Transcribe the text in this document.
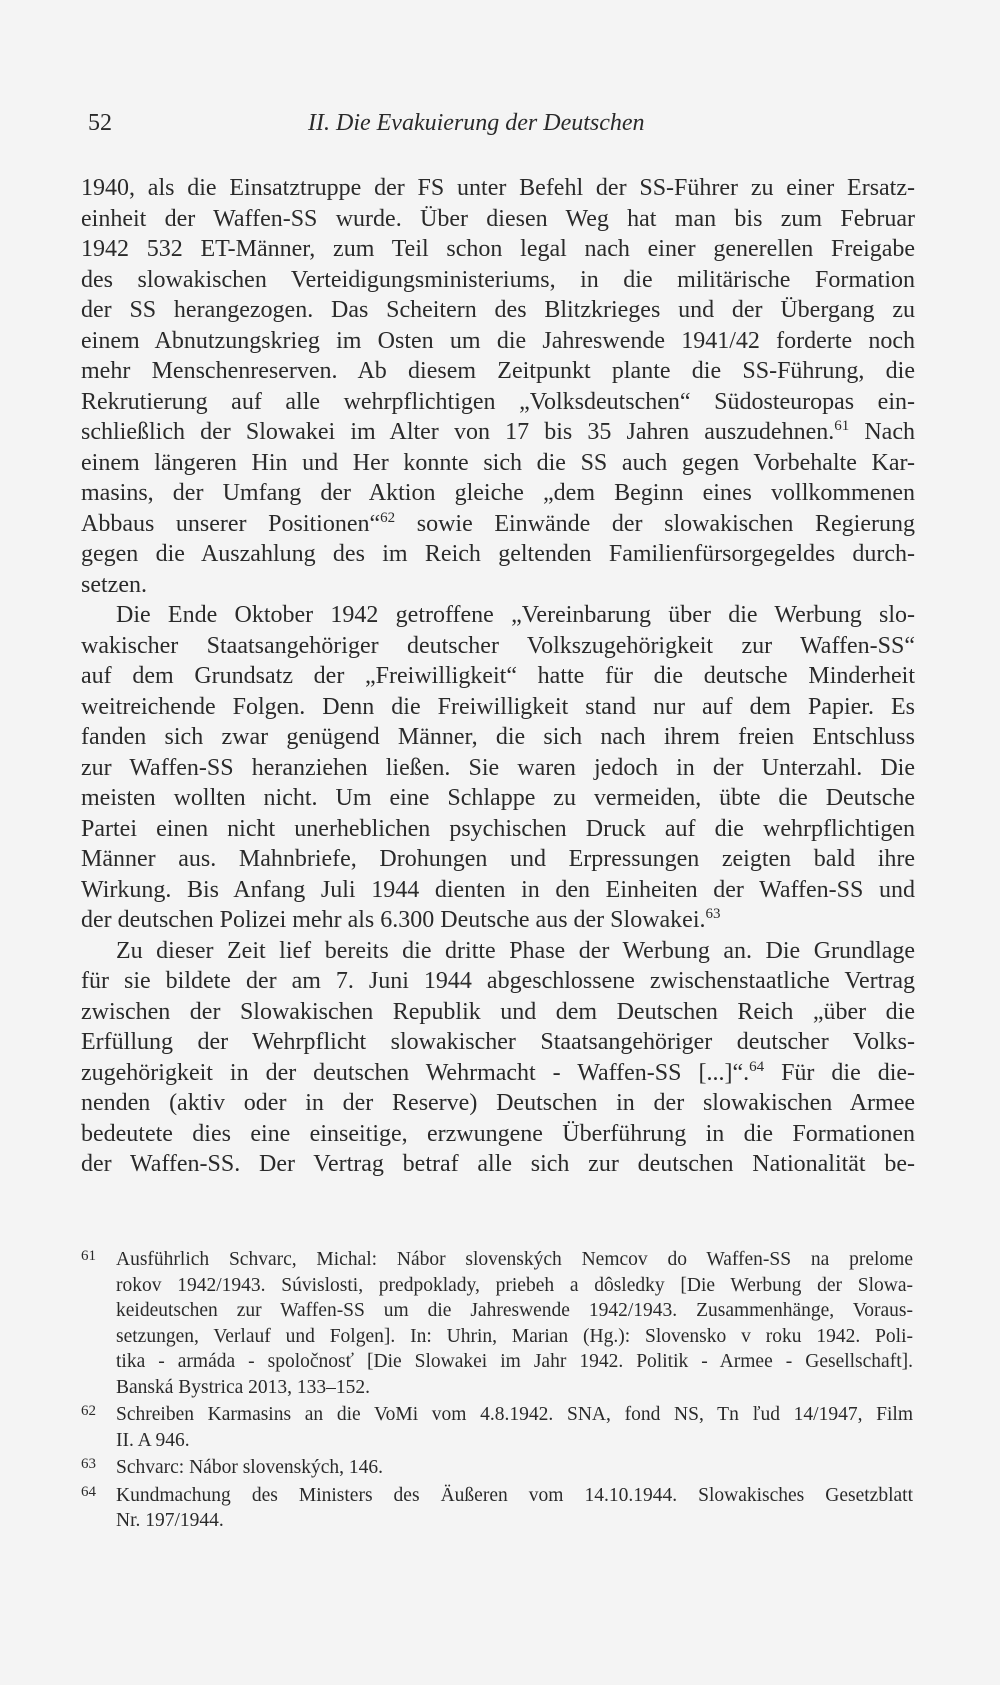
52	II. Die Evakuierung der Deutschen

1940, als die Einsatztruppe der FS unter Befehl der SS-Führer zu einer Ersatz-
einheit der Waffen-SS wurde. Über diesen Weg hat man bis zum Februar
1942 532 ET-Männer, zum Teil schon legal nach einer generellen Freigabe
des slowakischen Verteidigungsministeriums, in die militärische Formation
der SS herangezogen. Das Scheitern des Blitzkrieges und der Übergang zu
einem Abnutzungskrieg im Osten um die Jahreswende 1941/42 forderte noch
mehr Menschenreserven. Ab diesem Zeitpunkt plante die SS-Führung, die
Rekrutierung auf alle wehrpflichtigen „Volksdeutschen“ Südosteuropas ein-
schließlich der Slowakei im Alter von 17 bis 35 Jahren auszudehnen.$^{61}$ Nach
einem längeren Hin und Her konnte sich die SS auch gegen Vorbehalte Kar-
masins, der Umfang der Aktion gleiche „dem Beginn eines vollkommenen
Abbaus unserer Positionen“$^{62}$ sowie Einwände der slowakischen Regierung
gegen die Auszahlung des im Reich geltenden Familienfürsorgegeldes durch-
setzen.

Die Ende Oktober 1942 getroffene „Vereinbarung über die Werbung slo-
wakischer Staatsangehöriger deutscher Volkszugehörigkeit zur Waffen-SS“
auf dem Grundsatz der „Freiwilligkeit“ hatte für die deutsche Minderheit
weitreichende Folgen. Denn die Freiwilligkeit stand nur auf dem Papier. Es
fanden sich zwar genügend Männer, die sich nach ihrem freien Entschluss
zur Waffen-SS heranziehen ließen. Sie waren jedoch in der Unterzahl. Die
meisten wollten nicht. Um eine Schlappe zu vermeiden, übte die Deutsche
Partei einen nicht unerheblichen psychischen Druck auf die wehrpflichtigen
Männer aus. Mahnbriefe, Drohungen und Erpressungen zeigten bald ihre
Wirkung. Bis Anfang Juli 1944 dienten in den Einheiten der Waffen-SS und
der deutschen Polizei mehr als 6.300 Deutsche aus der Slowakei.$^{63}$

Zu dieser Zeit lief bereits die dritte Phase der Werbung an. Die Grundlage
für sie bildete der am 7. Juni 1944 abgeschlossene zwischenstaatliche Vertrag
zwischen der Slowakischen Republik und dem Deutschen Reich „über die
Erfüllung der Wehrpflicht slowakischer Staatsangehöriger deutscher Volks-
zugehörigkeit in der deutschen Wehrmacht - Waffen-SS [...]“.$^{64}$ Für die die-
nenden (aktiv oder in der Reserve) Deutschen in der slowakischen Armee
bedeutete dies eine einseitige, erzwungene Überführung in die Formationen
der Waffen-SS. Der Vertrag betraf alle sich zur deutschen Nationalität be-

61 Ausführlich Schvarc, Michal: Nábor slovenských Nemcov do Waffen-SS na prelome
rokov 1942/1943. Súvislosti, predpoklady, priebeh a dôsledky [Die Werbung der Slowa-
keideutschen zur Waffen-SS um die Jahreswende 1942/1943. Zusammenhänge, Voraus-
setzungen, Verlauf und Folgen]. In: Uhrin, Marian (Hg.): Slovensko v roku 1942. Poli-
tika - armáda - spoločnosť [Die Slowakei im Jahr 1942. Politik - Armee - Gesellschaft].
Banská Bystrica 2013, 133–152.
62 Schreiben Karmasins an die VoMi vom 4.8.1942. SNA, fond NS, Tn ľud 14/1947, Film
II. A 946.
63 Schvarc: Nábor slovenských, 146.
64 Kundmachung des Ministers des Äußeren vom 14.10.1944. Slowakisches Gesetzblatt
Nr. 197/1944.
